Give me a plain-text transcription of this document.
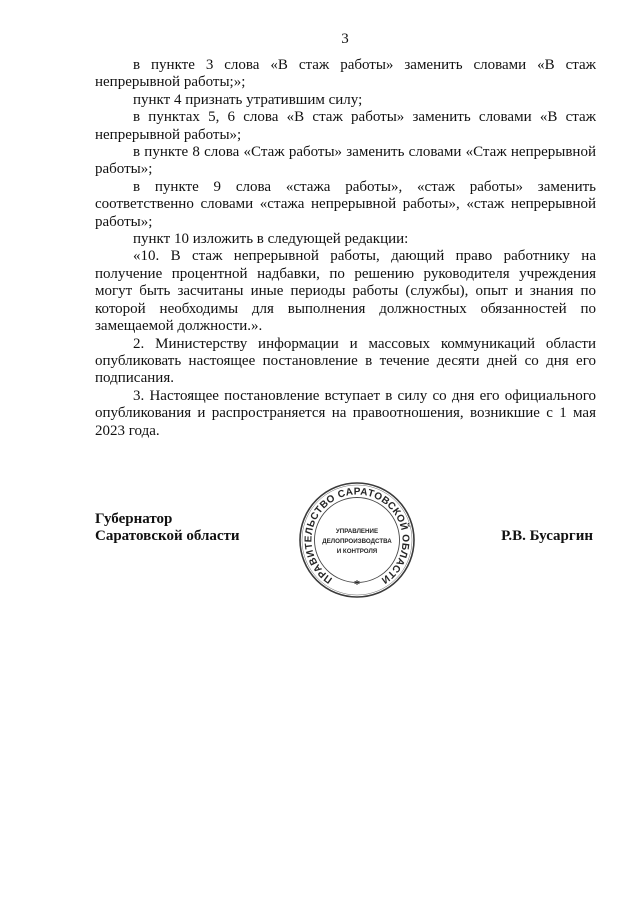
3

в пункте 3 слова «В стаж работы» заменить словами «В стаж непрерывной работы;»;

пункт 4 признать утратившим силу;

в пунктах 5, 6 слова «В стаж работы» заменить словами «В стаж непрерывной работы»;

в пункте 8 слова «Стаж работы» заменить словами «Стаж непрерывной работы»;

в пункте 9 слова «стажа работы», «стаж работы» заменить соответственно словами «стажа непрерывной работы», «стаж непрерывной работы»;

пункт 10 изложить в следующей редакции:

«10. В стаж непрерывной работы, дающий право работнику на получение процентной надбавки, по решению руководителя учреждения могут быть засчитаны иные периоды работы (службы), опыт и знания по которой необходимы для выполнения должностных обязанностей по замещаемой должности.».

2. Министерству информации и массовых коммуникаций области опубликовать настоящее постановление в течение десяти дней со дня его подписания.

3. Настоящее постановление вступает в силу со дня его официального опубликования и распространяется на правоотношения, возникшие с 1 мая 2023 года.

Губернатор
Саратовской области
ПРАВИТЕЛЬСТВО САРАТОВСКОЙ ОБЛАСТИ
УПРАВЛЕНИЕ
ДЕЛОПРОИЗВОДСТВА
И КОНТРОЛЯ
*
Р.В. Бусаргин
